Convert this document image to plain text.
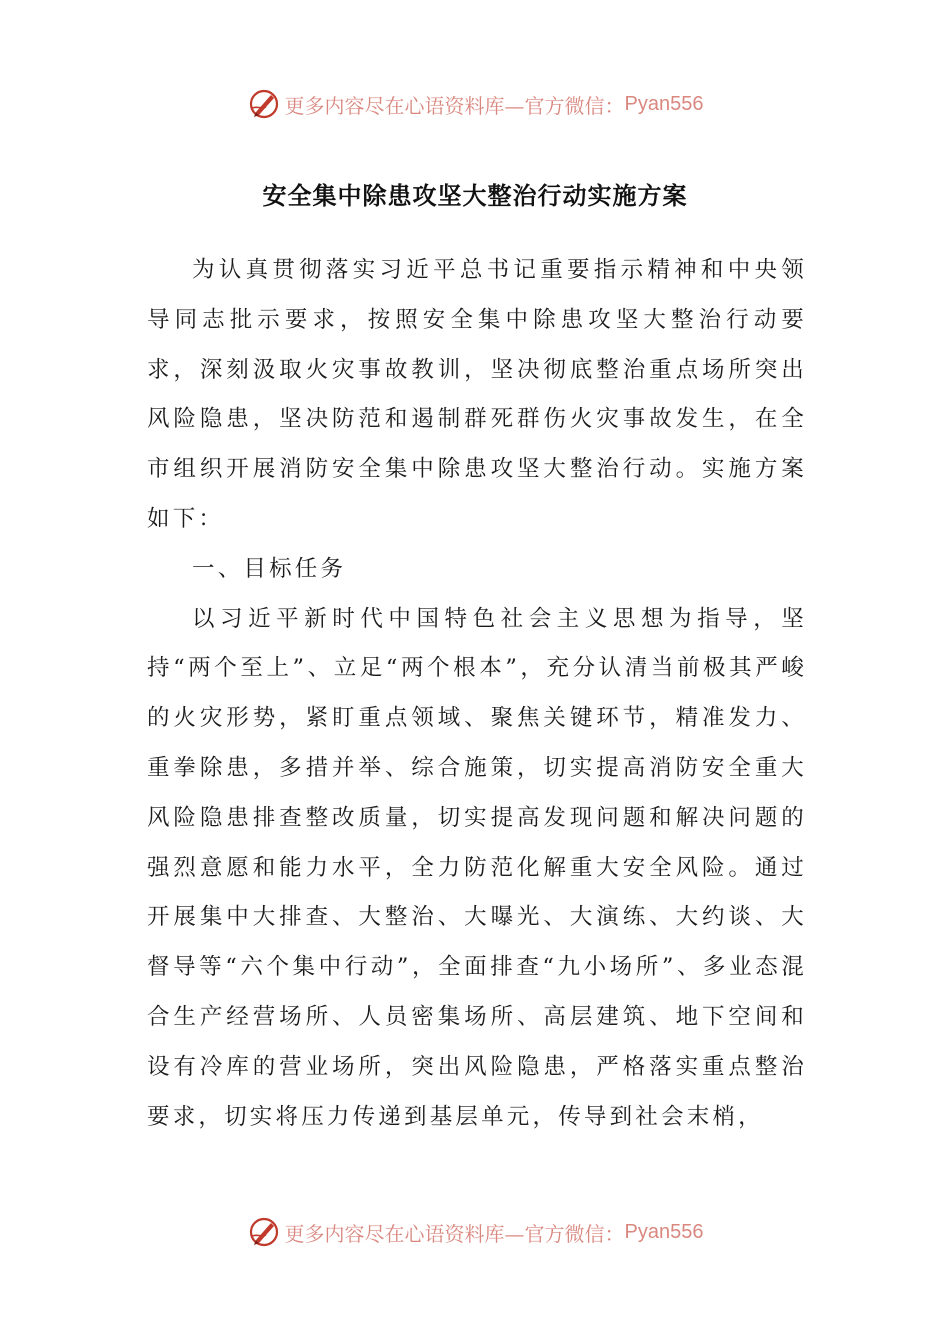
更多内容尽在心语资料库—官方微信： Pyan556
安全集中除患攻坚大整治行动实施方案

为认真贯彻落实习近平总书记重要指示精神和中央领导同志批示要求，按照安全集中除患攻坚大整治行动要求，深刻汲取火灾事故教训，坚决彻底整治重点场所突出风险隐患，坚决防范和遏制群死群伤火灾事故发生，在全市组织开展消防安全集中除患攻坚大整治行动。实施方案如下：

一、目标任务

以习近平新时代中国特色社会主义思想为指导，坚持“两个至上”、立足“两个根本”，充分认清当前极其严峻的火灾形势，紧盯重点领域、聚焦关键环节，精准发力、重拳除患，多措并举、综合施策，切实提高消防安全重大风险隐患排查整改质量，切实提高发现问题和解决问题的强烈意愿和能力水平，全力防范化解重大安全风险。通过开展集中大排查、大整治、大曝光、大演练、大约谈、大督导等“六个集中行动”，全面排查“九小场所”、多业态混合生产经营场所、人员密集场所、高层建筑、地下空间和设有冷库的营业场所，突出风险隐患，严格落实重点整治要求，切实将压力传递到基层单元，传导到社会末梢，

更多内容尽在心语资料库—官方微信： Pyan556
